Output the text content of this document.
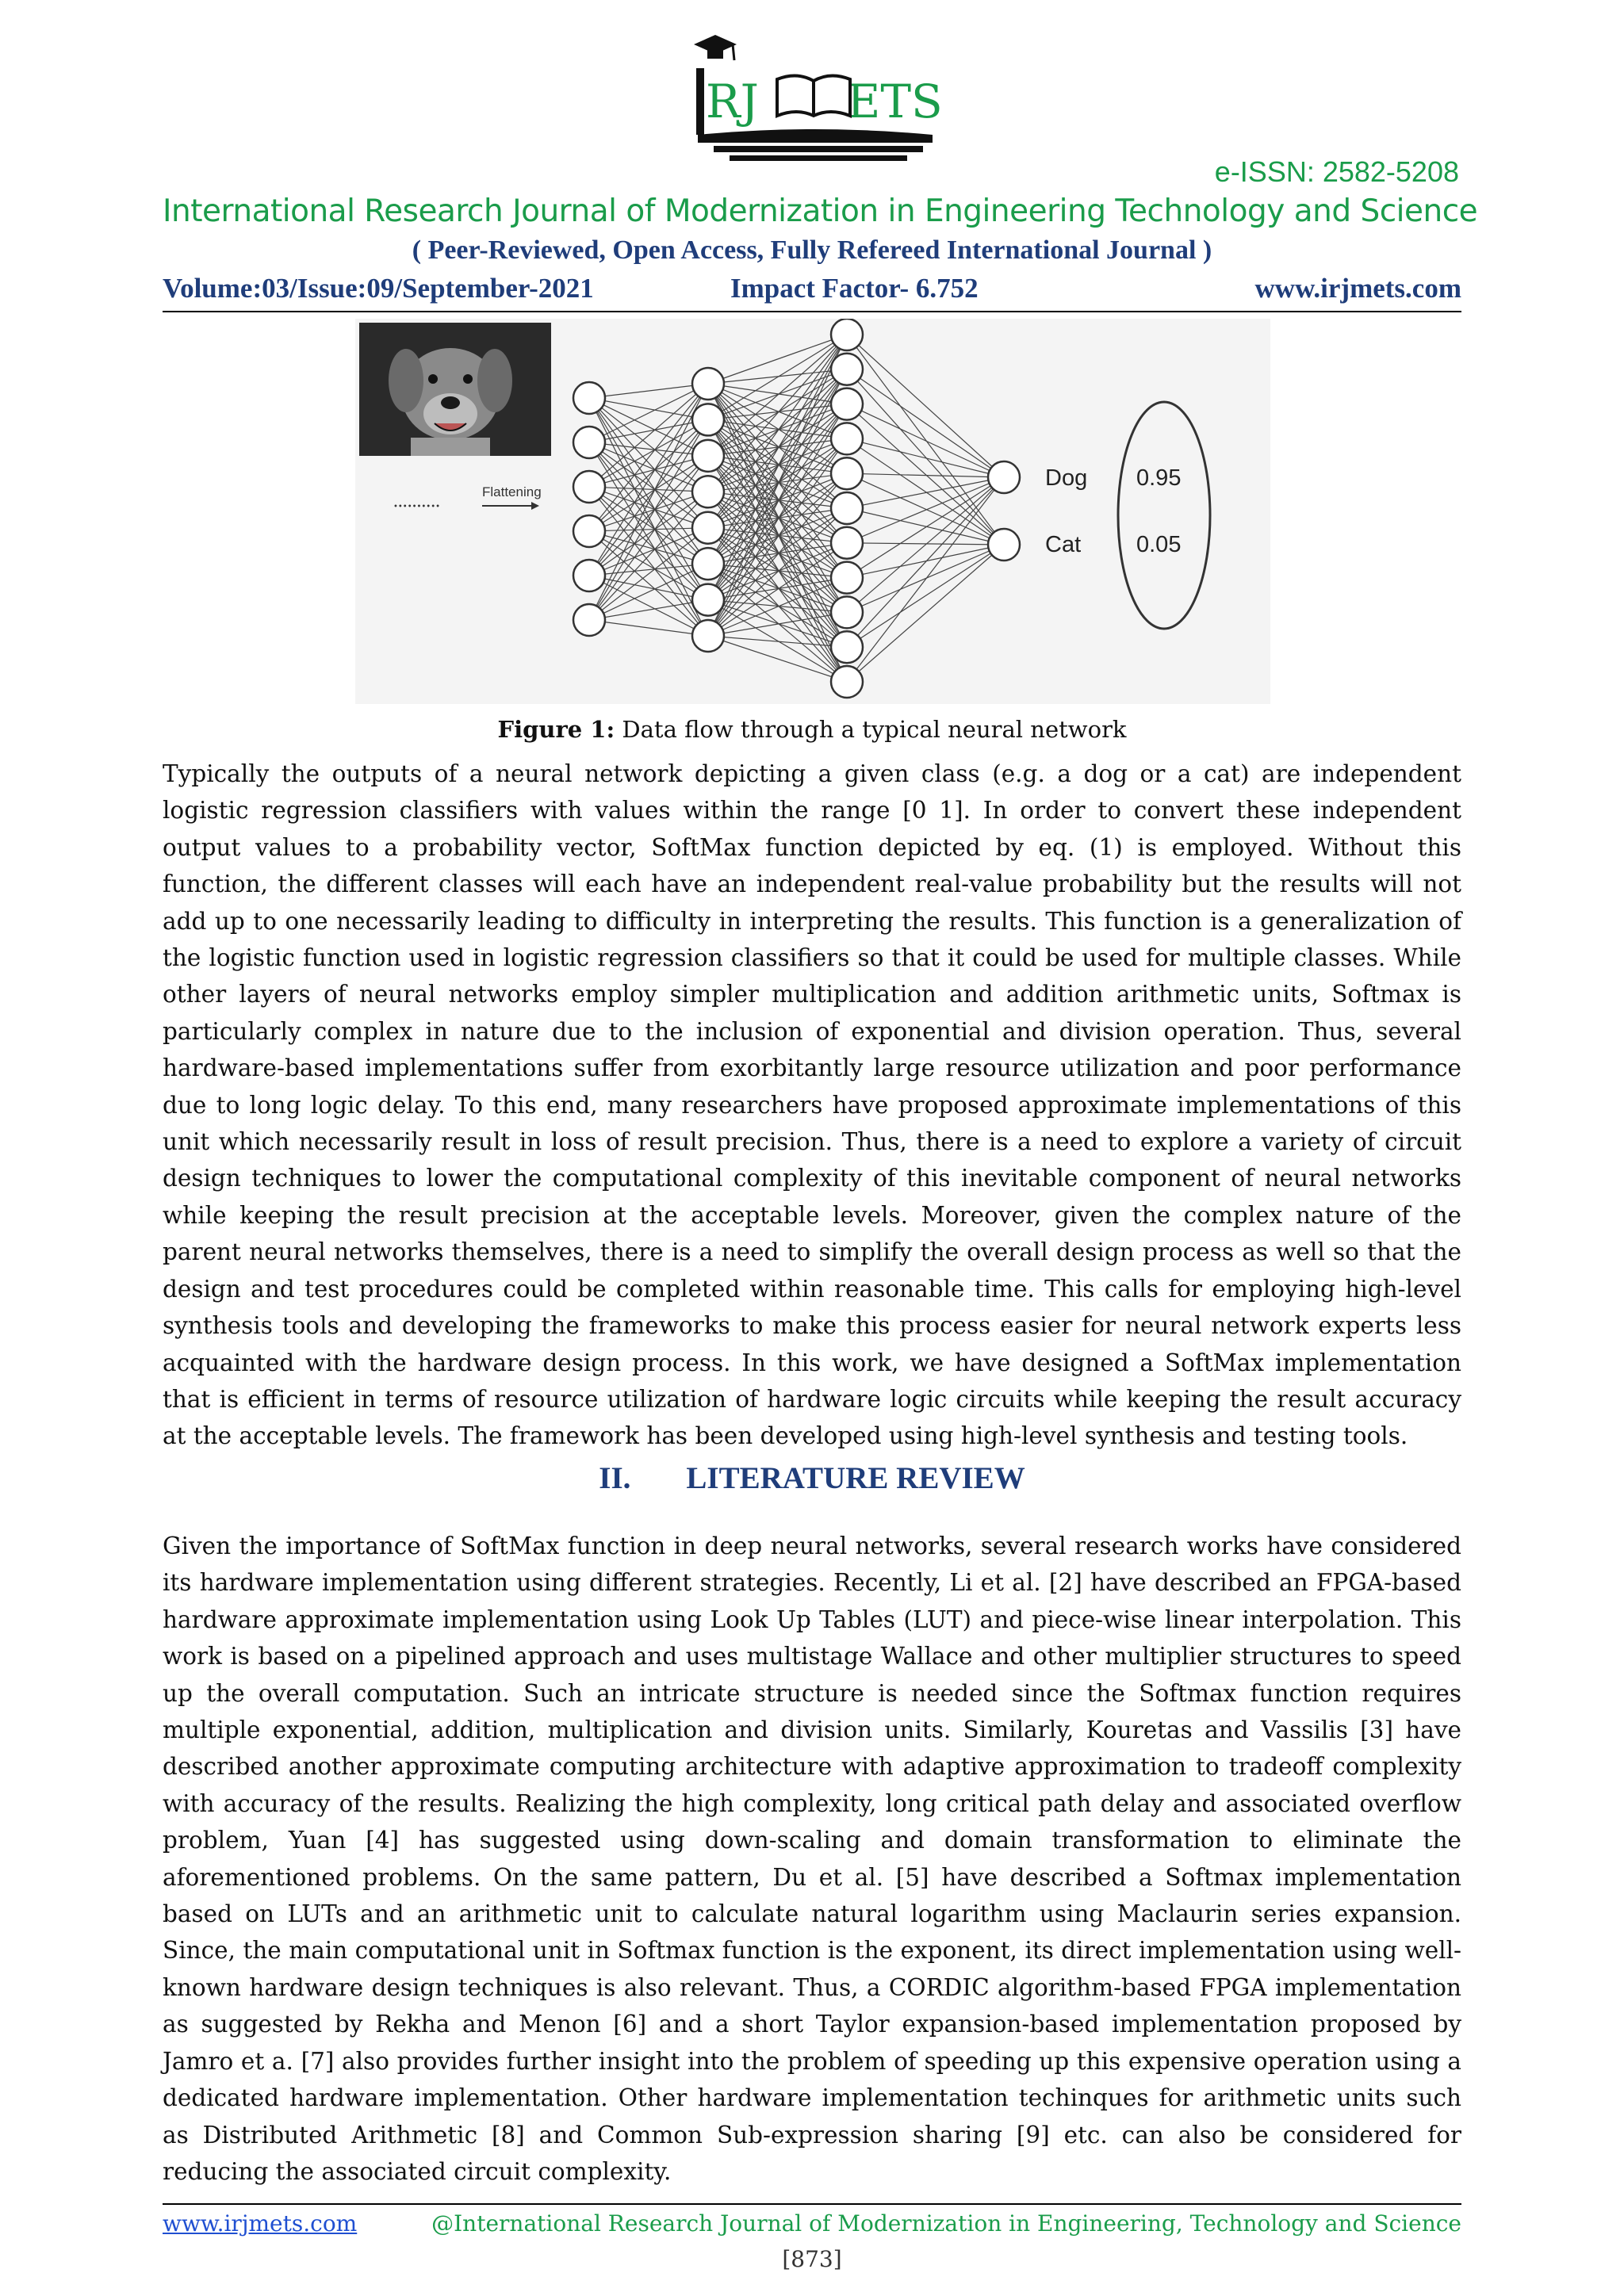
RJ ETS
e-ISSN: 2582-5208
International Research Journal of Modernization in Engineering Technology and Science
( Peer-Reviewed, Open Access, Fully Refereed International Journal )
Volume:03/Issue:09/September-2021	Impact Factor- 6.752	www.irjmets.com
••••••••••
Flattening
Dog
Cat
0.95
0.05
Figure 1: Data flow through a typical neural network

Typically the outputs of a neural network depicting a given class (e.g. a dog or a cat) are independent logistic regression classifiers with values within the range [0 1]. In order to convert these independent output values to a probability vector, SoftMax function depicted by eq. (1) is employed. Without this function, the different classes will each have an independent real-value probability but the results will not add up to one necessarily leading to difficulty in interpreting the results. This function is a generalization of the logistic function used in logistic regression classifiers so that it could be used for multiple classes. While other layers of neural networks employ simpler multiplication and addition arithmetic units, Softmax is particularly complex in nature due to the inclusion of exponential and division operation. Thus, several hardware-based implementations suffer from exorbitantly large resource utilization and poor performance due to long logic delay. To this end, many researchers have proposed approximate implementations of this unit which necessarily result in loss of result precision. Thus, there is a need to explore a variety of circuit design techniques to lower the computational complexity of this inevitable component of neural networks while keeping the result precision at the acceptable levels. Moreover, given the complex nature of the parent neural networks themselves, there is a need to simplify the overall design process as well so that the design and test procedures could be completed within reasonable time. This calls for employing high-level synthesis tools and developing the frameworks to make this process easier for neural network experts less acquainted with the hardware design process. In this work, we have designed a SoftMax implementation that is efficient in terms of resource utilization of hardware logic circuits while keeping the result accuracy at the acceptable levels. The framework has been developed using high-level synthesis and testing tools.

II. LITERATURE REVIEW

Given the importance of SoftMax function in deep neural networks, several research works have considered its hardware implementation using different strategies. Recently, Li et al. [2] have described an FPGA-based hardware approximate implementation using Look Up Tables (LUT) and piece-wise linear interpolation. This work is based on a pipelined approach and uses multistage Wallace and other multiplier structures to speed up the overall computation. Such an intricate structure is needed since the Softmax function requires multiple exponential, addition, multiplication and division units. Similarly, Kouretas and Vassilis [3] have described another approximate computing architecture with adaptive approximation to tradeoff complexity with accuracy of the results. Realizing the high complexity, long critical path delay and associated overflow problem, Yuan [4] has suggested using down-scaling and domain transformation to eliminate the aforementioned problems. On the same pattern, Du et al. [5] have described a Softmax implementation based on LUTs and an arithmetic unit to calculate natural logarithm using Maclaurin series expansion. Since, the main computational unit in Softmax function is the exponent, its direct implementation using well-known hardware design techniques is also relevant. Thus, a CORDIC algorithm-based FPGA implementation as suggested by Rekha and Menon [6] and a short Taylor expansion-based implementation proposed by Jamro et a. [7] also provides further insight into the problem of speeding up this expensive operation using a dedicated hardware implementation. Other hardware implementation techinques for arithmetic units such as Distributed Arithmetic [8] and Common Sub-expression sharing [9] etc. can also be considered for reducing the associated circuit complexity.

www.irjmets.com	@International Research Journal of Modernization in Engineering, Technology and Science
[873]
